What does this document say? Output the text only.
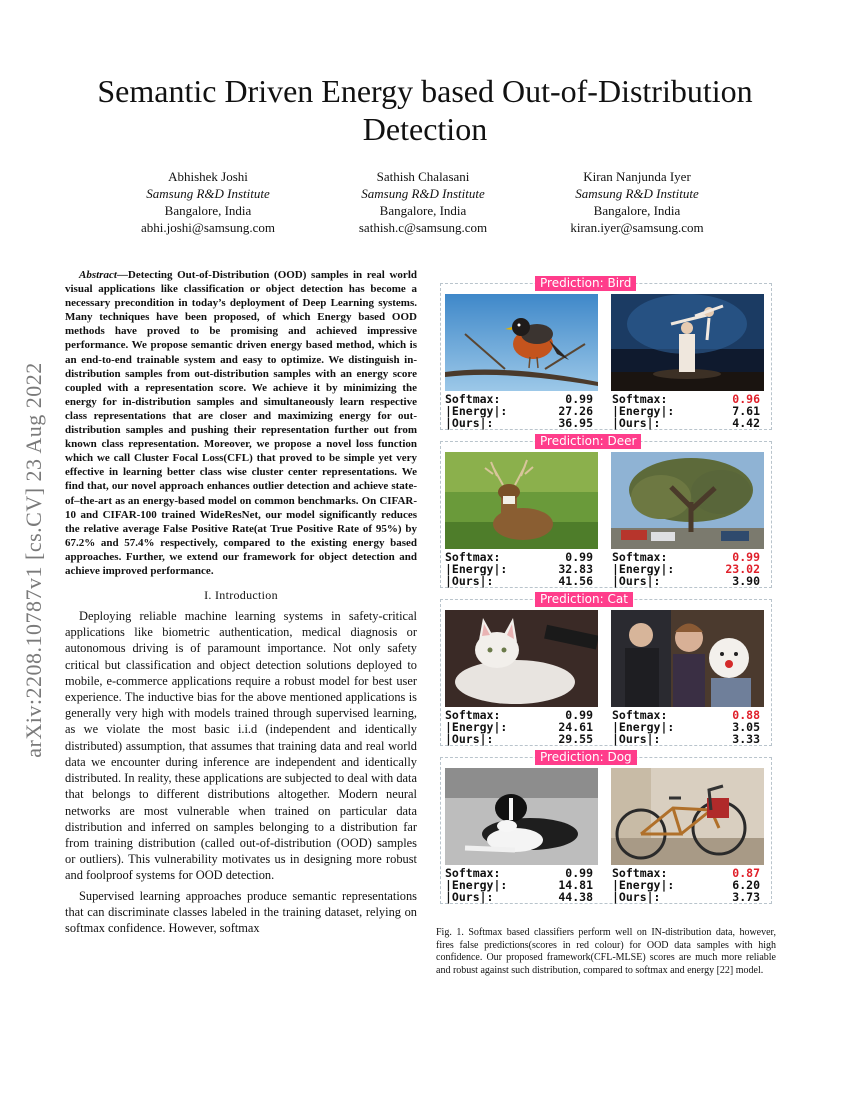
arXiv:2208.10787v1 [cs.CV] 23 Aug 2022
Semantic Driven Energy based Out-of-Distribution Detection
Abhishek Joshi
Samsung R&D Institute
Bangalore, India
abhi.joshi@samsung.com
Sathish Chalasani
Samsung R&D Institute
Bangalore, India
sathish.c@samsung.com
Kiran Nanjunda Iyer
Samsung R&D Institute
Bangalore, India
kiran.iyer@samsung.com

Abstract—Detecting Out-of-Distribution (OOD) samples in real world visual applications like classification or object detection has become a necessary precondition in today’s deployment of Deep Learning systems. Many techniques have been proposed, of which Energy based OOD methods have proved to be promising and achieved impressive performance. We propose semantic driven energy based method, which is an end-to-end trainable system and easy to optimize. We distinguish in-distribution samples from out-distribution samples with an energy score coupled with a representation score. We achieve it by minimizing the energy for in-distribution samples and simultaneously learn respective class representations that are closer and maximizing energy for out-distribution samples and pushing their representation further out from known class representation. Moreover, we propose a novel loss function which we call Cluster Focal Loss(CFL) that proved to be simple yet very effective in learning better class wise cluster center representations. We find that, our novel approach enhances outlier detection and achieve state-of–the-art as an energy-based model on common benchmarks. On CIFAR-10 and CIFAR-100 trained WideResNet, our model significantly reduces the relative average False Positive Rate(at True Positive Rate of 95%) by 67.2% and 57.4% respectively, compared to the existing energy based approaches. Further, we extend our framework for object detection and achieve improved performance.

I. Introduction

Deploying reliable machine learning systems in safety-critical applications like biometric authentication, medical diagnosis or autonomous driving is of paramount importance. Not only safety critical but classification and object detection solutions deployed to mobile, e-commerce applications require a robust model for best user experience. The inductive bias for the above mentioned applications is generally very high with models trained through supervised learning, as we violate the most basic i.i.d (independent and identically distributed) assumption, that assumes that training data and real world data we encounter during inference are independent and identically distributed. In reality, these applications are subjected to deal with data that belongs to different distributions altogether. Modern neural networks are most vulnerable when trained on particular data distribution and inferred on samples belonging to a distribution far from training distribution (called out-of-distribution (OOD) samples or outliers). This vulnerability motivates us in designing more robust and foolproof systems for OOD detection.

Supervised learning approaches produce semantic representations that can discriminate classes labeled in the training dataset, relying on softmax confidence. However, softmax

Prediction: Bird
Softmax:	0.99
|Energy|:	27.26
|Ours|:	36.95
Softmax:	0.96
|Energy|:	7.61
|Ours|:	4.42
Prediction: Deer
Softmax:	0.99
|Energy|:	32.83
|Ours|:	41.56
Softmax:	0.99
|Energy|:	23.02
|Ours|:	3.90
Prediction: Cat
Softmax:	0.99
|Energy|:	24.61
|Ours|:	29.55
Softmax:	0.88
|Energy|:	3.05
|Ours|:	3.33
Prediction: Dog
Softmax:	0.99
|Energy|:	14.81
|Ours|:	44.38
Softmax:	0.87
|Energy|:	6.20
|Ours|:	3.73
Fig. 1. Softmax based classifiers perform well on IN-distribution data, however, fires false predictions(scores in red colour) for OOD data samples with high confidence. Our proposed framework(CFL-MLSE) scores are much more reliable and robust against such distribution, compared to softmax and energy [22] model.
